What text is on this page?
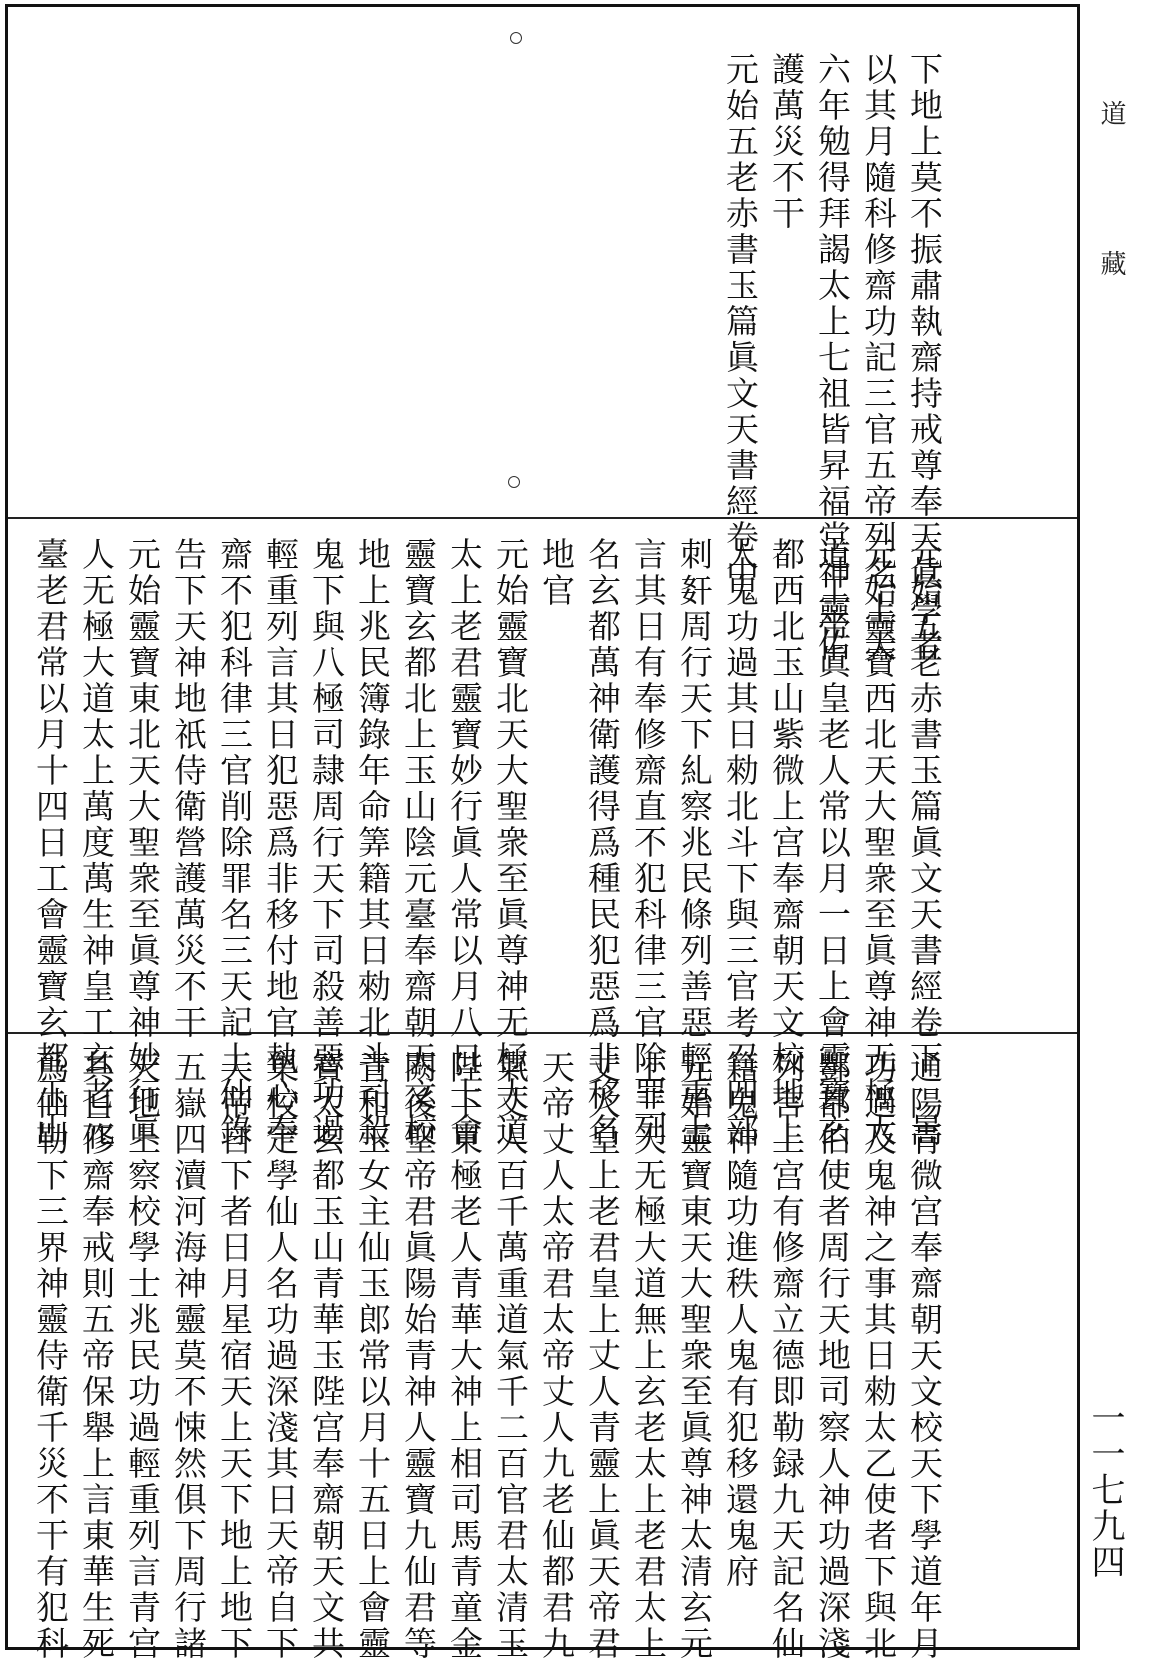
下地上莫不振肅執齋持戒尊奉天眞學者
以其月隨科修齋功記三官五帝列名上天
六年勉得拜謁太上七祖皆昇福堂神靈佑
護萬災不干
元始五老赤書玉篇眞文天書經卷中
元始五老赤書玉篇眞文天書經卷下　暠
元始靈寶西北天大聖衆至眞尊神无極大
道工帝眞皇老人常以月一日上會靈寶玄
都西北玉山紫微上宫奉齋朝天文校地上
人鬼功過其日勑北斗下與三官考召四部
刺姧周行天下糺察兆民條列善惡輕重上
言其日有奉修齋直不犯科律三官除罪列
名玄都萬神衛護得爲種民犯惡爲非移名
地官
元始靈寶北天大聖衆至眞尊神无極大道
太上老君靈寶妙行眞人常以月八日上會
靈寶玄都北上玉山陰元臺奉齋朝天文校
地上兆民簿錄年命筭籍其日勑北斗司殺
鬼下與八極司隷周行天下司殺善惡功過
輕重列言其日犯惡爲非移付地官執心奉
齋不犯科律三官削除罪名三天記上仙錄
告下天神地祇侍衛營護萬災不干
元始靈寶東北天大聖衆至眞尊神妙行眞
人无極大道太上萬度萬生神皇工玄老元
臺老君常以月十四日工會靈寶玄都玉山
通陽青微宫奉齋朝天文校天下學道年月
功過及鬼神之事其日勑太乙使者下與北
酆都伯使者周行天地司察人神功過深淺
列言上宫有修齋立德即勒録九天記名仙
籍鬼神隨功進秩人鬼有犯移還鬼府
元始靈寶東天大聖衆至眞尊神太清玄元
上三天无極大道無上玄老太上老君太上
丈人皇上老君皇上丈人青靈上眞天帝君
天帝丈人太帝君太帝丈人九老仙都君九
氣丈人百千萬重道氣千二百官君太清玉
陛下東極老人青華大神上相司馬青童金
闕後聖帝君眞陽始青神人靈寶九仙君等
青和玉女主仙玉郎常以月十五日上會靈
寶太玄都玉山青華玉陛宫奉齋朝天文共
集校定學仙人名功過深淺其日天帝自下
天帝自下者日月星宿天上天下地上地下
五嶽四瀆河海神靈莫不悚然俱下周行諸
天地上察校學士兆民功過輕重列言青宫
其日修齋奉戒則五帝保舉上言東華生死
爲仙勒下三界神靈侍衛千災不干有犯科
道
藏
一一七九四
